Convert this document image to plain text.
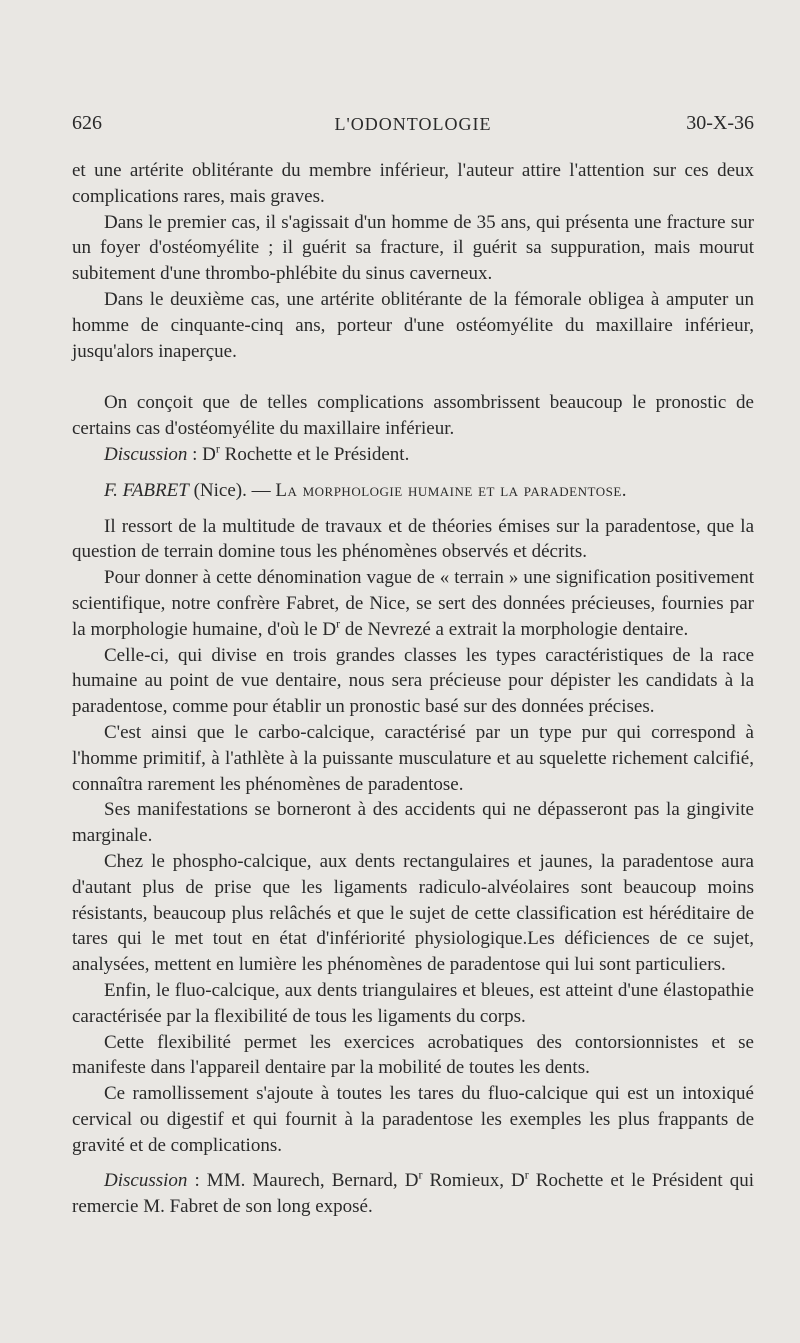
626	L'ODONTOLOGIE	30-X-36

et une artérite oblitérante du membre inférieur, l'auteur attire l'attention sur ces deux complications rares, mais graves.

Dans le premier cas, il s'agissait d'un homme de 35 ans, qui présenta une fracture sur un foyer d'ostéomyélite ; il guérit sa fracture, il guérit sa suppuration, mais mourut subitement d'une thrombo-phlébite du sinus caverneux.

Dans le deuxième cas, une artérite oblitérante de la fémorale obligea à amputer un homme de cinquante-cinq ans, porteur d'une ostéomyélite du maxillaire inférieur, jusqu'alors inaperçue.

On conçoit que de telles complications assombrissent beaucoup le pronostic de certains cas d'ostéomyélite du maxillaire inférieur.

Discussion : $D^r$ Rochette et le Président.

F. FABRET (Nice). — La morphologie humaine et la paradentose.

Il ressort de la multitude de travaux et de théories émises sur la paradentose, que la question de terrain domine tous les phénomènes observés et décrits.

Pour donner à cette dénomination vague de « terrain » une signification positivement scientifique, notre confrère Fabret, de Nice, se sert des données précieuses, fournies par la morphologie humaine, d'où le $D^r$ de Nevrezé a extrait la morphologie dentaire.

Celle-ci, qui divise en trois grandes classes les types caractéristiques de la race humaine au point de vue dentaire, nous sera précieuse pour dépister les candidats à la paradentose, comme pour établir un pronostic basé sur des données précises.

C'est ainsi que le carbo-calcique, caractérisé par un type pur qui correspond à l'homme primitif, à l'athlète à la puissante musculature et au squelette richement calcifié, connaîtra rarement les phénomènes de paradentose.

Ses manifestations se borneront à des accidents qui ne dépasseront pas la gingivite marginale.

Chez le phospho-calcique, aux dents rectangulaires et jaunes, la paradentose aura d'autant plus de prise que les ligaments radiculo-alvéolaires sont beaucoup moins résistants, beaucoup plus relâchés et que le sujet de cette classification est héréditaire de tares qui le met tout en état d'infériorité physiologique.Les déficiences de ce sujet, analysées, mettent en lumière les phénomènes de paradentose qui lui sont particuliers.

Enfin, le fluo-calcique, aux dents triangulaires et bleues, est atteint d'une élastopathie caractérisée par la flexibilité de tous les ligaments du corps.

Cette flexibilité permet les exercices acrobatiques des contorsionnistes et se manifeste dans l'appareil dentaire par la mobilité de toutes les dents.

Ce ramollissement s'ajoute à toutes les tares du fluo-calcique qui est un intoxiqué cervical ou digestif et qui fournit à la paradentose les exemples les plus frappants de gravité et de complications.

Discussion : MM. Maurech, Bernard, $D^r$ Romieux, $D^r$ Rochette et le Président qui remercie M. Fabret de son long exposé.
